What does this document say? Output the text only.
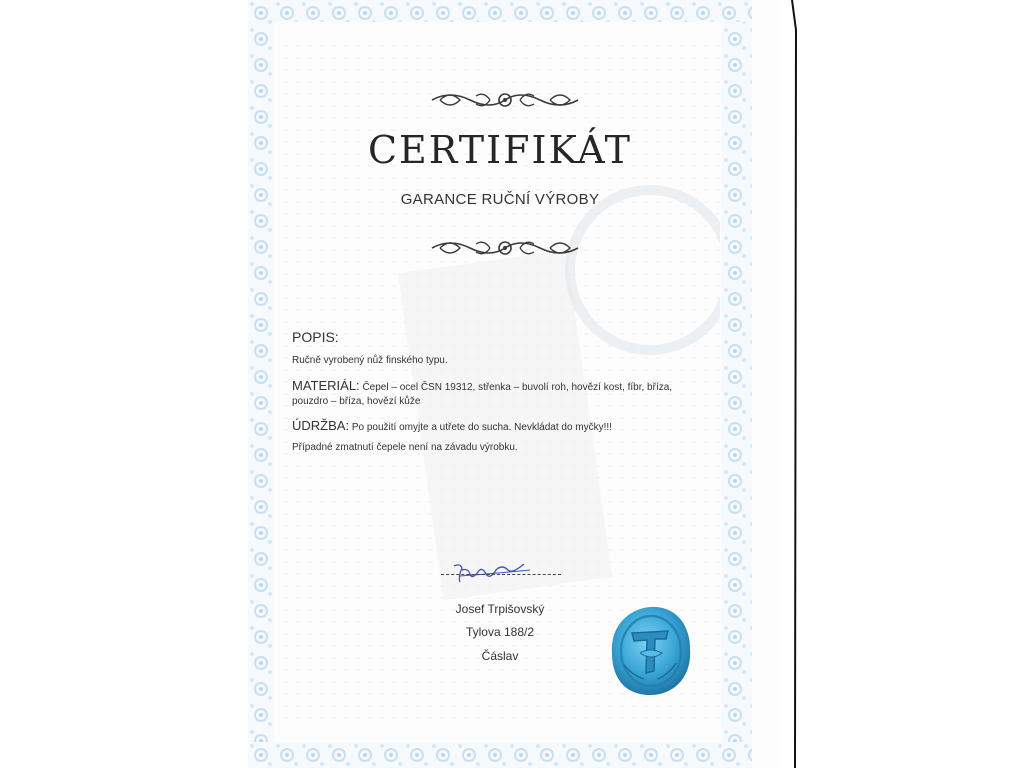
CERTIFIKÁT
GARANCE RUČNÍ VÝROBY
POPIS:
Ručně vyrobený nůž finského typu.
MATERIÁL: Čepel – ocel ČSN 19312, střenka – buvolí roh, hovězí kost, fíbr, bříza,
pouzdro – bříza, hovězí kůže
ÚDRŽBA: Po použití omyjte a utřete do sucha. Nevkládat do myčky!!!
Případné zmatnutí čepele není na závadu výrobku.
Josef Trpišovský
Tylova 188/2
Čáslav
